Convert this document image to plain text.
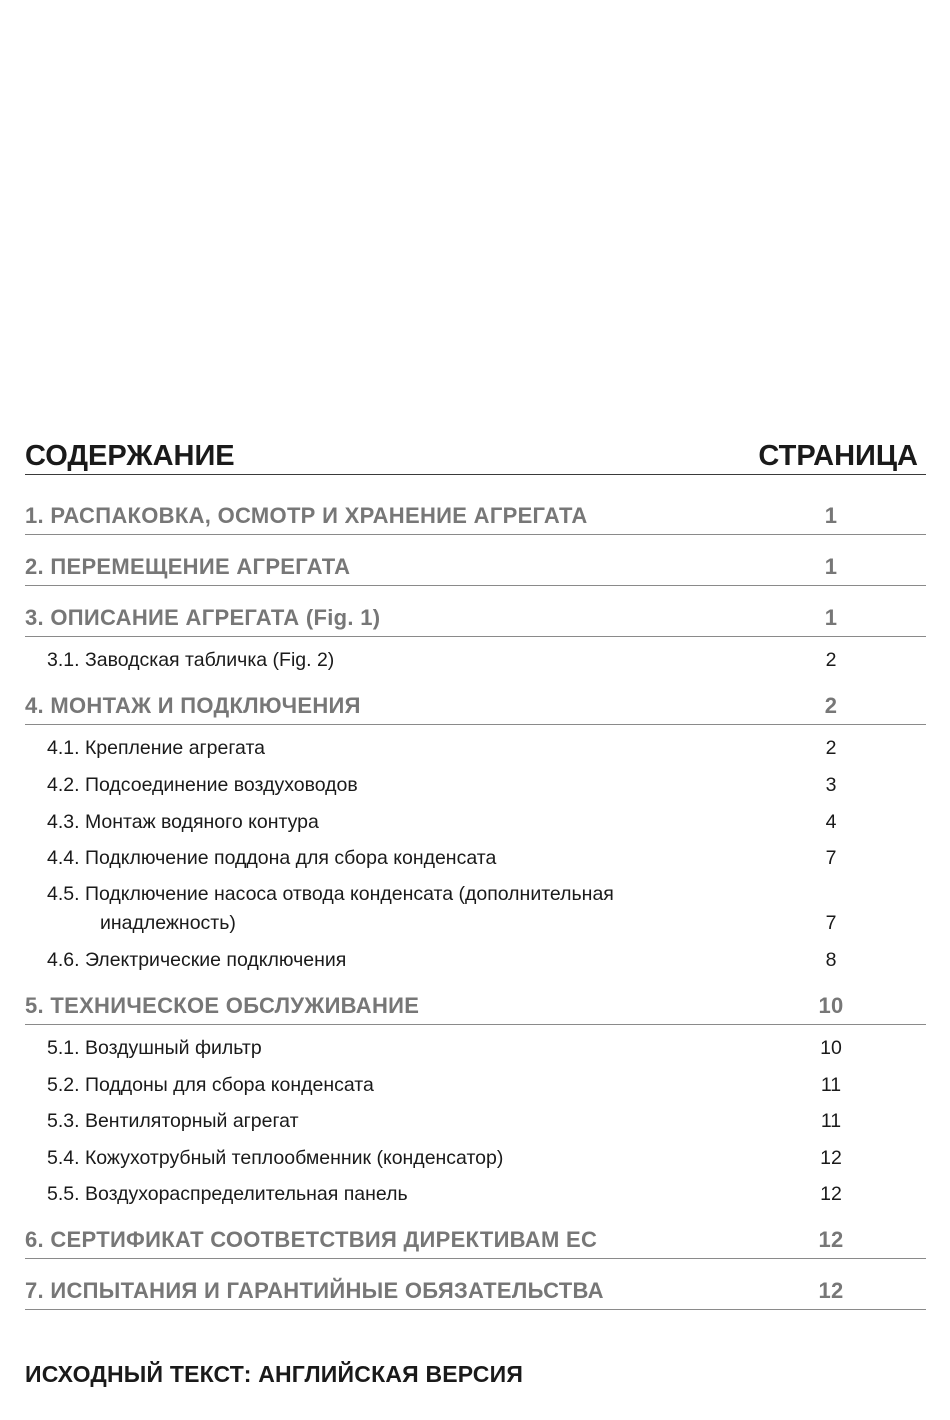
СОДЕРЖАНИЕ	СТРАНИЦА
1. РАСПАКОВКА, ОСМОТР И ХРАНЕНИЕ АГРЕГАТА	1
2. ПЕРЕМЕЩЕНИЕ АГРЕГАТА	1
3. ОПИСАНИЕ АГРЕГАТА (Fig. 1)	1
3.1. Заводская табличка (Fig. 2)	2
4. МОНТАЖ И ПОДКЛЮЧЕНИЯ	2
4.1. Крепление агрегата	2
4.2. Подсоединение воздуховодов	3
4.3. Монтаж водяного контура	4
4.4. Подключение поддона для сбора конденсата	7
4.5. Подключение насоса отвода конденсата (дополнительная
инадлежность)	7
4.6. Электрические подключения	8
5. ТЕХНИЧЕСКОЕ ОБСЛУЖИВАНИЕ	10
5.1. Воздушный фильтр	10
5.2. Поддоны для сбора конденсата	11
5.3. Вентиляторный агрегат	11
5.4. Кожухотрубный теплообменник (конденсатор)	12
5.5. Воздухораспределительная панель	12
6. СЕРТИФИКАТ СООТВЕТСТВИЯ ДИРЕКТИВАМ ЕС	12
7. ИСПЫТАНИЯ И ГАРАНТИЙНЫЕ ОБЯЗАТЕЛЬСТВА	12
ИСХОДНЫЙ ТЕКСТ: АНГЛИЙСКАЯ ВЕРСИЯ
